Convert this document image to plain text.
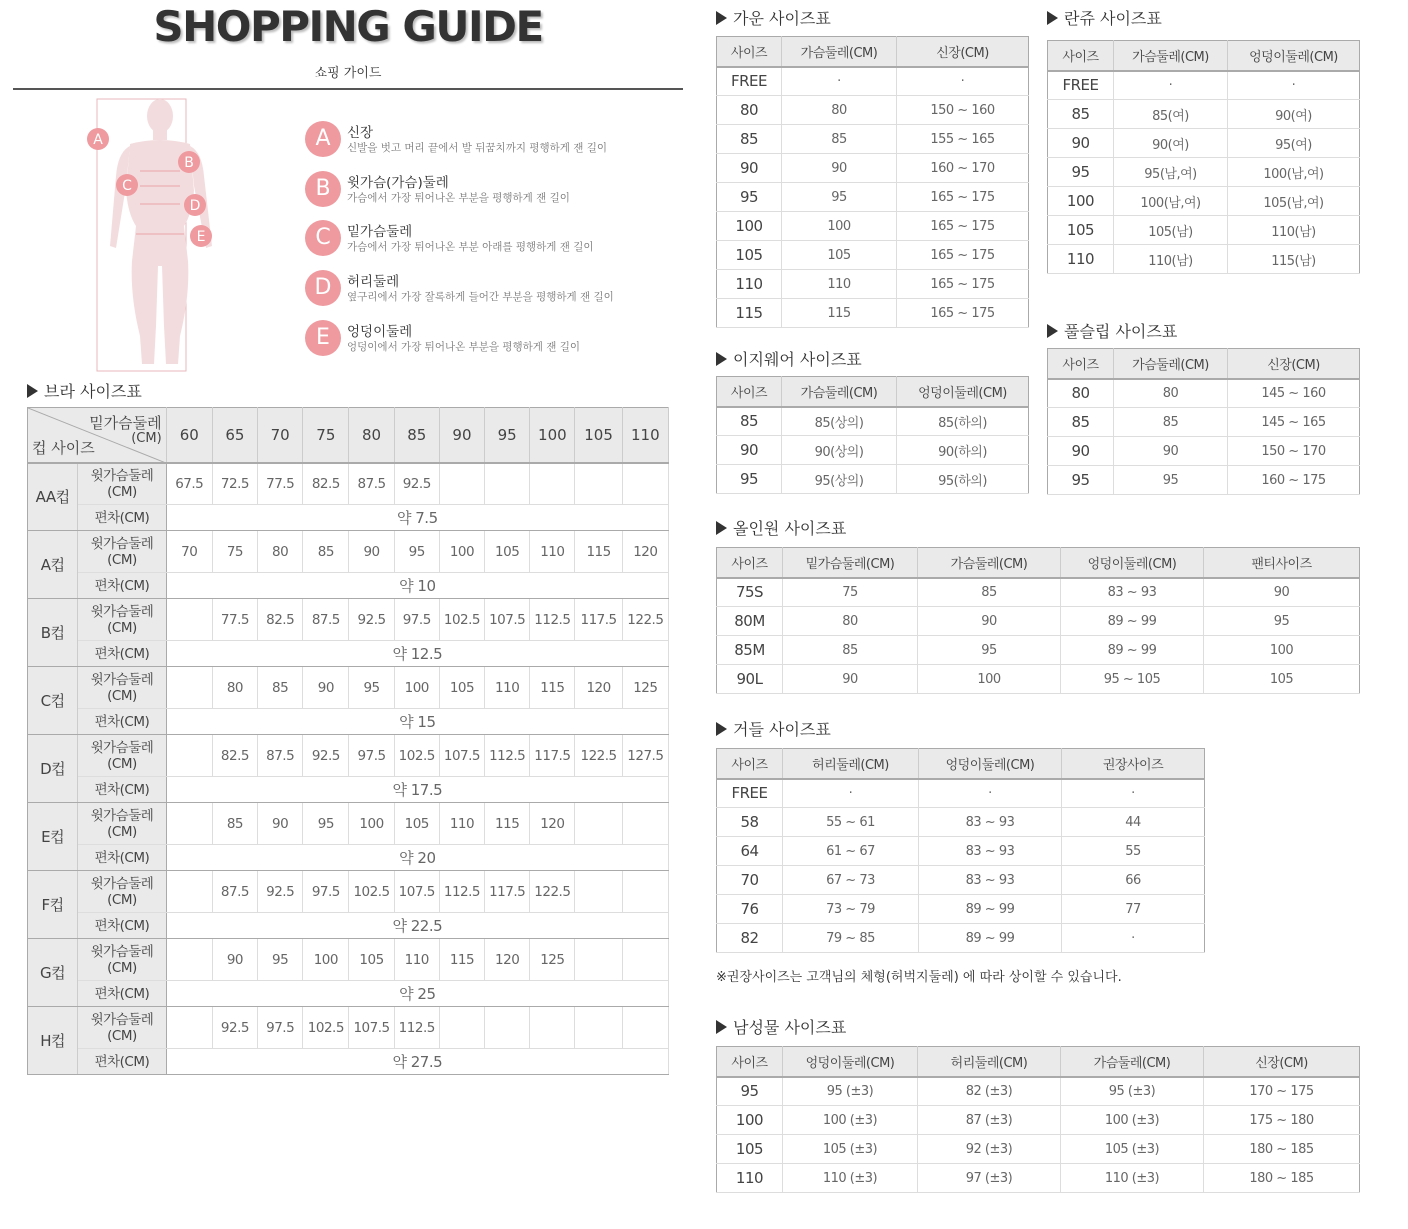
SHOPPING GUIDE
쇼핑 가이드
A
B
C
D
E
A	신장
신발을 벗고 머리 끝에서 발 뒤꿈치까지 평행하게 잰 길이
B	윗가슴(가슴)둘레
가슴에서 가장 튀어나온 부분을 평행하게 잰 길이
C	밑가슴둘레
가슴에서 가장 튀어나온 부분 아래를 평행하게 잰 길이
D	허리둘레
옆구리에서 가장 잘록하게 들어간 부분을 평행하게 잰 길이
E	엉덩이둘레
엉덩이에서 가장 튀어나온 부분을 평행하게 잰 길이
브라 사이즈표
밑가슴둘레
(CM)
컵 사이즈		60	65	70	75	80	85	90	95	100	105	110
AA컵	윗가슴둘레
(CM)	67.5	72.5	77.5	82.5	87.5	92.5					
	편차(CM)	약 7.5										
A컵	윗가슴둘레
(CM)	70	75	80	85	90	95	100	105	110	115	120
	편차(CM)	약 10										
B컵	윗가슴둘레
(CM)		77.5	82.5	87.5	92.5	97.5	102.5	107.5	112.5	117.5	122.5
	편차(CM)	약 12.5										
C컵	윗가슴둘레
(CM)		80	85	90	95	100	105	110	115	120	125
	편차(CM)	약 15										
D컵	윗가슴둘레
(CM)		82.5	87.5	92.5	97.5	102.5	107.5	112.5	117.5	122.5	127.5
	편차(CM)	약 17.5										
E컵	윗가슴둘레
(CM)		85	90	95	100	105	110	115	120		
	편차(CM)	약 20										
F컵	윗가슴둘레
(CM)		87.5	92.5	97.5	102.5	107.5	112.5	117.5	122.5		
	편차(CM)	약 22.5										
G컵	윗가슴둘레
(CM)		90	95	100	105	110	115	120	125		
	편차(CM)	약 25										
H컵	윗가슴둘레
(CM)		92.5	97.5	102.5	107.5	112.5					
	편차(CM)	약 27.5										
가운 사이즈표
사이즈	가슴둘레(CM)	신장(CM)
FREE	·	·
80	80	150 ~ 160
85	85	155 ~ 165
90	90	160 ~ 170
95	95	165 ~ 175
100	100	165 ~ 175
105	105	165 ~ 175
110	110	165 ~ 175
115	115	165 ~ 175
란쥬 사이즈표
사이즈	가슴둘레(CM)	엉덩이둘레(CM)
FREE	·	·
85	85(여)	90(여)
90	90(여)	95(여)
95	95(남,여)	100(남,여)
100	100(남,여)	105(남,여)
105	105(남)	110(남)
110	110(남)	115(남)
풀슬립 사이즈표
사이즈	가슴둘레(CM)	신장(CM)
80	80	145 ~ 160
85	85	145 ~ 165
90	90	150 ~ 170
95	95	160 ~ 175
이지웨어 사이즈표
사이즈	가슴둘레(CM)	엉덩이둘레(CM)
85	85(상의)	85(하의)
90	90(상의)	90(하의)
95	95(상의)	95(하의)
올인원 사이즈표
사이즈	밑가슴둘레(CM)	가슴둘레(CM)	엉덩이둘레(CM)	팬티사이즈
75S	75	85	83 ~ 93	90
80M	80	90	89 ~ 99	95
85M	85	95	89 ~ 99	100
90L	90	100	95 ~ 105	105
거들 사이즈표
사이즈	허리둘레(CM)	엉덩이둘레(CM)	권장사이즈
FREE	·	·	·
58	55 ~ 61	83 ~ 93	44
64	61 ~ 67	83 ~ 93	55
70	67 ~ 73	83 ~ 93	66
76	73 ~ 79	89 ~ 99	77
82	79 ~ 85	89 ~ 99	·
※권장사이즈는 고객님의 체형(허벅지둘레) 에 따라 상이할 수 있습니다.
남성물 사이즈표
사이즈	엉덩이둘레(CM)	허리둘레(CM)	가슴둘레(CM)	신장(CM)
95	95 (±3)	82 (±3)	95 (±3)	170 ~ 175
100	100 (±3)	87 (±3)	100 (±3)	175 ~ 180
105	105 (±3)	92 (±3)	105 (±3)	180 ~ 185
110	110 (±3)	97 (±3)	110 (±3)	180 ~ 185
